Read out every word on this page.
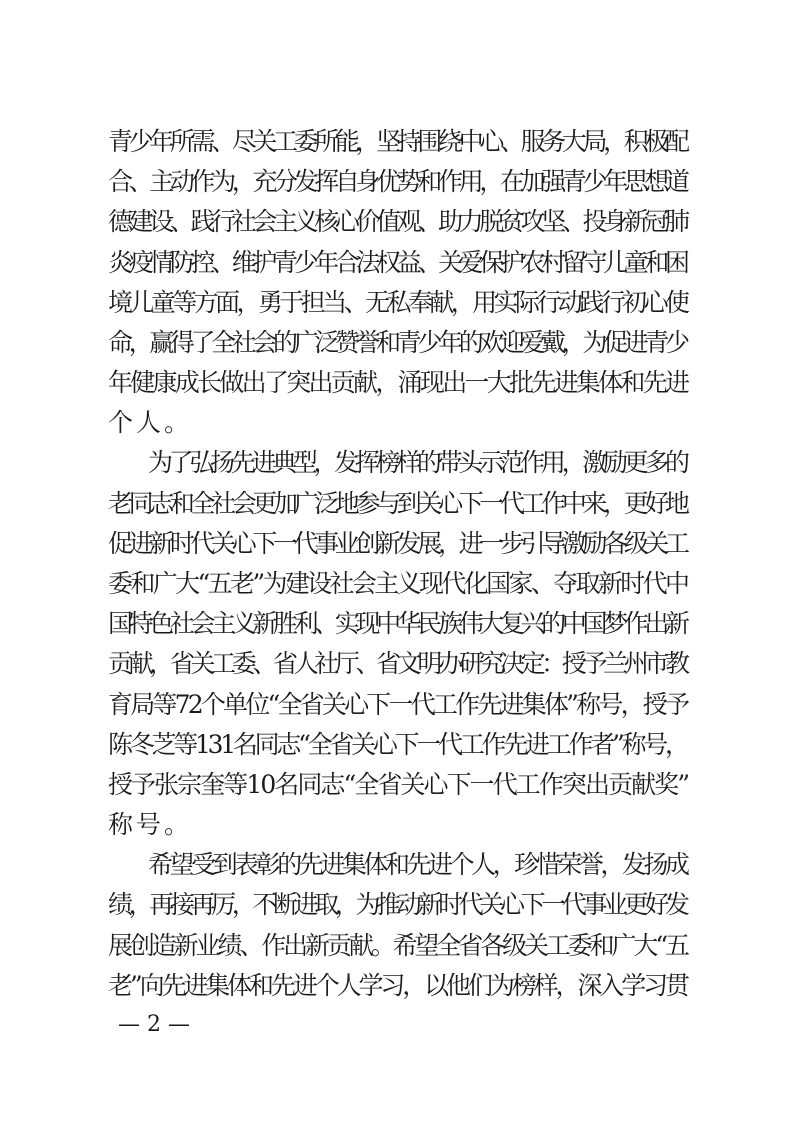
青少年所需、尽关工委所能，坚持围绕中心、服务大局，积极配
合、主动作为，充分发挥自身优势和作用，在加强青少年思想道
德建设、践行社会主义核心价值观、助力脱贫攻坚、投身新冠肺
炎疫情防控、维护青少年合法权益、关爱保护农村留守儿童和困
境儿童等方面，勇于担当、无私奉献，用实际行动践行初心使
命，赢得了全社会的广泛赞誉和青少年的欢迎爱戴，为促进青少
年健康成长做出了突出贡献，涌现出一大批先进集体和先进
个人。
为了弘扬先进典型，发挥榜样的带头示范作用，激励更多的
老同志和全社会更加广泛地参与到关心下一代工作中来，更好地
促进新时代关心下一代事业创新发展，进一步引导激励各级关工
委和广大“五老”为建设社会主义现代化国家、夺取新时代中
国特色社会主义新胜利、实现中华民族伟大复兴的中国梦作出新
贡献，省关工委、省人社厅、省文明办研究决定：授予兰州市教
育局等72个单位“全省关心下一代工作先进集体”称号，授予
陈冬芝等131名同志“全省关心下一代工作先进工作者”称号，
授予张宗奎等10名同志“全省关心下一代工作突出贡献奖”
称号。
希望受到表彰的先进集体和先进个人，珍惜荣誉，发扬成
绩，再接再厉，不断进取，为推动新时代关心下一代事业更好发
展创造新业绩、作出新贡献。希望全省各级关工委和广大“五
老”向先进集体和先进个人学习，以他们为榜样，深入学习贯
— 2 —
